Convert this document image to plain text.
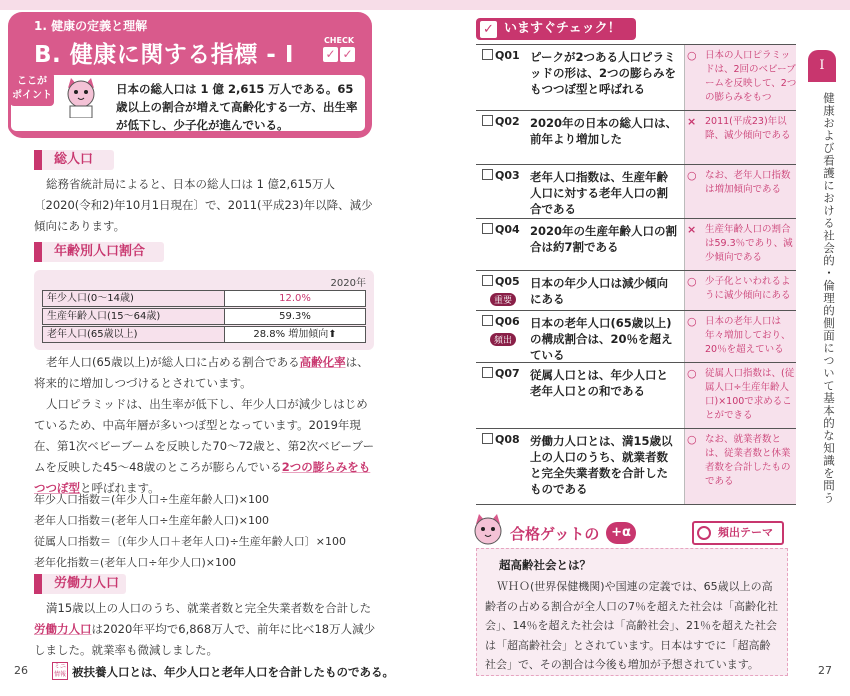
1. 健康の定義と理解
B. 健康に関する指標 - I
CHECK
✓ ✓
ここが
ポイント	日本の総人口は 1 億 2,615 万人である。65 歳以上の割合が増えて高齢化する一方、出生率が低下し、少子化が進んでいる。
総人口
総務省統計局によると、日本の総人口は 1 億2,615万人〔2020(令和2)年10月1日現在〕で、2011(平成23)年以降、減少傾向にあります。
年齢別人口割合
2020年
年少人口(0〜14歳)	12.0%
生産年齢人口(15〜64歳)	59.3%
老年人口(65歳以上)	28.8% 増加傾向⬆
老年人口(65歳以上)が総人口に占める割合である高齢化率は、将来的に増加しつづけるとされています。
人口ピラミッドは、出生率が低下し、年少人口が減少しはじめているため、中高年層が多いつぼ型となっています。2019年現在、第1次ベビーブームを反映した70〜72歳と、第2次ベビーブームを反映した45〜48歳のところが膨らんでいる2つの膨らみをもつつぼ型と呼ばれます。
年少人口指数＝(年少人口÷生産年齢人口)×100
老年人口指数＝(老年人口÷生産年齢人口)×100
従属人口指数＝〔(年少人口＋老年人口)÷生産年齢人口〕×100
老年化指数＝(老年人口÷年少人口)×100
労働力人口
満15歳以上の人口のうち、就業者数と完全失業者数を合計した労働力人口は2020年平均で6,868万人で、前年に比べ18万人減少しました。就業率も微減しました。
26	ミニ情報 被扶養人口とは、年少人口と老年人口を合計したものである。
いますぐチェック！
✓
Q01 ピークが2つある人口ピラミッドの形は、2つの膨らみをもつつぼ型と呼ばれる
○ 日本の人口ピラミッドは、2回のベビーブームを反映して、2つの膨らみをもつ
Q02 2020年の日本の総人口は、前年より増加した
× 2011(平成23)年以降、減少傾向である
Q03 老年人口指数は、生産年齢人口に対する老年人口の割合である
○ なお、老年人口指数は増加傾向である
Q04 2020年の生産年齢人口の割合は約7割である
× 生産年齢人口の割合は59.3％であり、減少傾向である
Q05 日本の年少人口は減少傾向にある
○ 少子化といわれるように減少傾向にある
重要
Q06 日本の老年人口(65歳以上)の構成割合は、20％を超えている
○ 日本の老年人口は年々増加しており、20％を超えている
頻出
Q07 従属人口とは、年少人口と老年人口との和である
○ 従属人口指数は、(従属人口÷生産年齢人口)×100で求めることができる
Q08 労働力人口とは、満15歳以上の人口のうち、就業者数と完全失業者数を合計したものである
○ なお、就業者数とは、従業者数と休業者数を合計したものである
I
健康および看護における社会的・倫理的側面について基本的な知識を問う
合格ゲットの +α	頻出テーマ
超高齢社会とは？
ＷＨＯ(世界保健機関)や国連の定義では、65歳以上の高齢者の占める割合が全人口の7％を超えた社会は「高齢化社会」、14％を超えた社会は「高齢社会」、21％を超えた社会は「超高齢社会」とされています。日本はすでに「超高齢社会」で、その割合は今後も増加が予想されています。	27
